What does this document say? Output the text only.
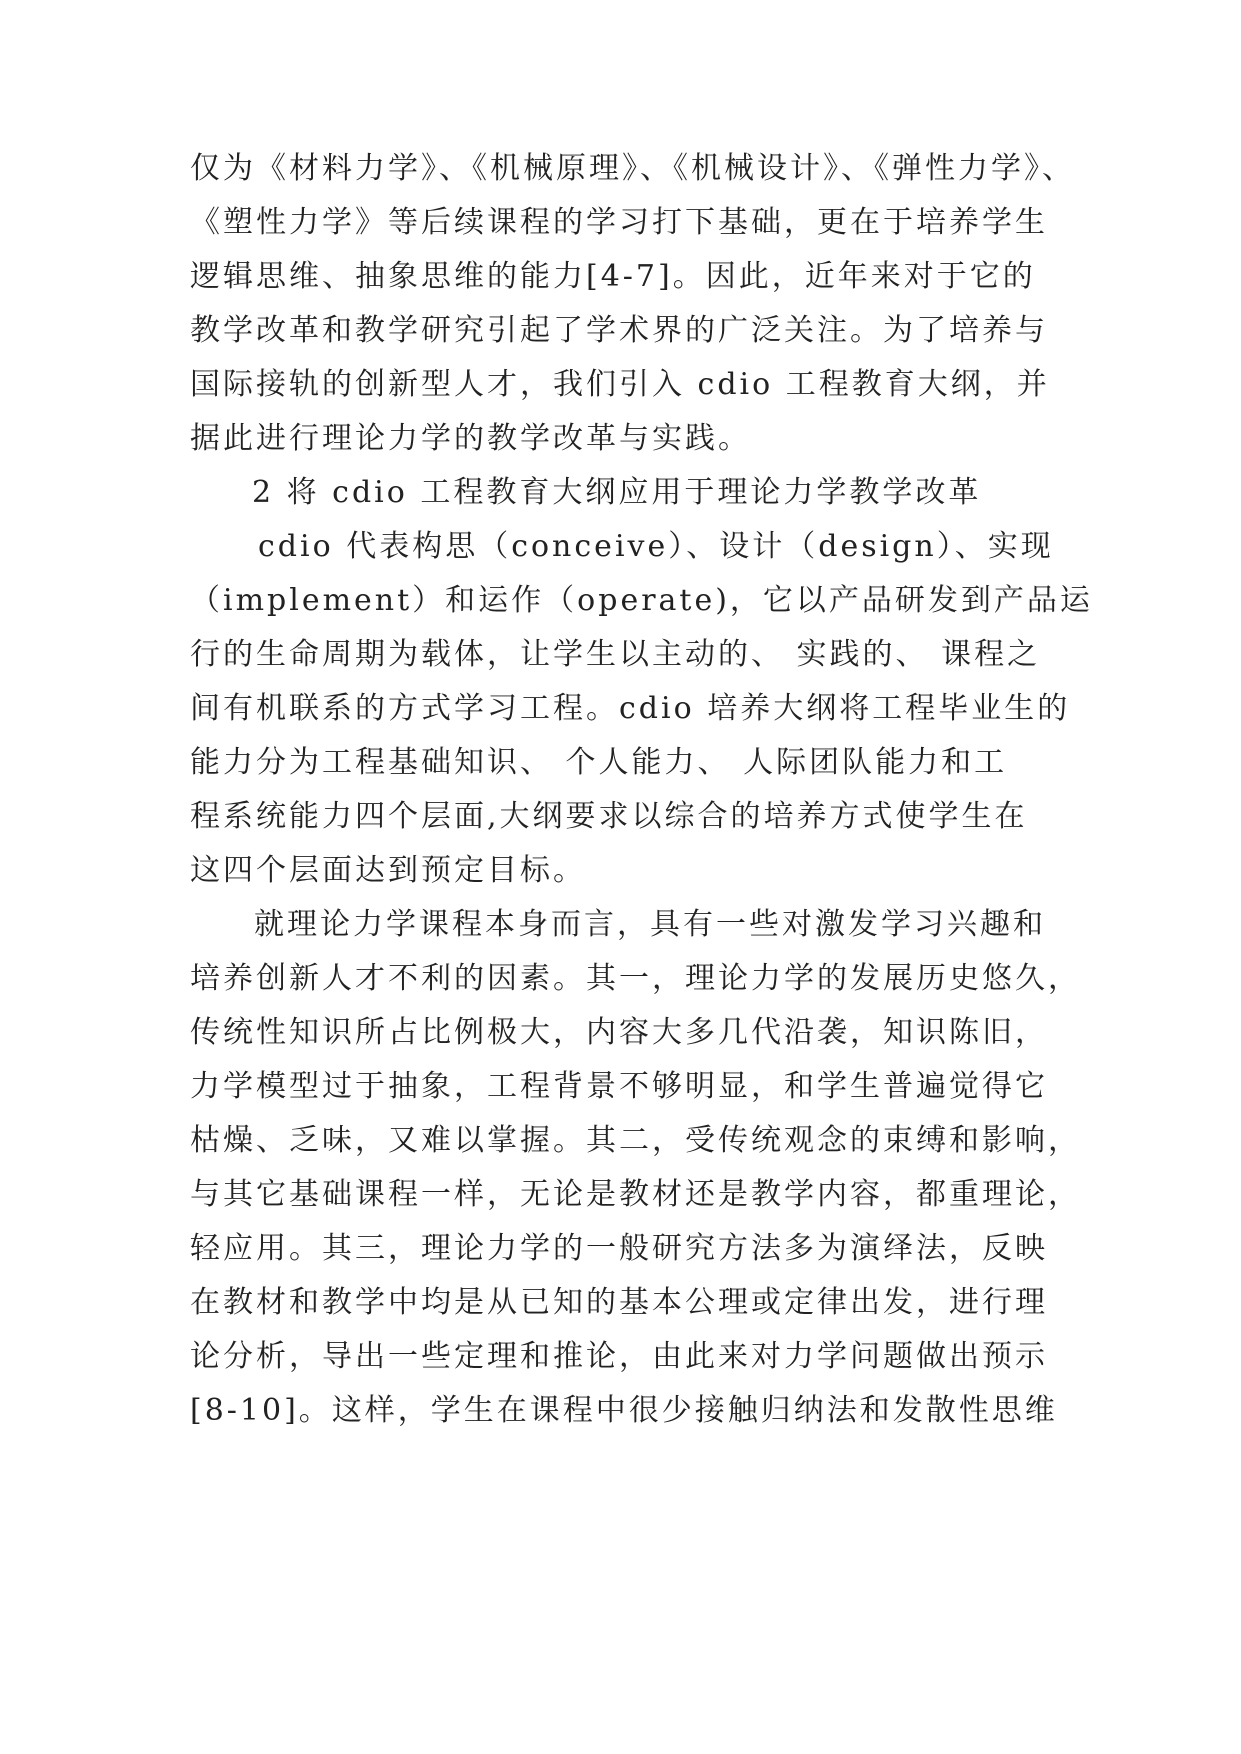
仅为《材料力学》、《机械原理》、《机械设计》、《弹性力学》、

《塑性力学》等后续课程的学习打下基础，更在于培养学生

逻辑思维、抽象思维的能力[4-7]。因此，近年来对于它的

教学改革和教学研究引起了学术界的广泛关注。为了培养与

国际接轨的创新型人才，我们引入 cdio 工程教育大纲，并

据此进行理论力学的教学改革与实践。

2 将 cdio 工程教育大纲应用于理论力学教学改革

cdio 代表构思（conceive）、设计（design）、实现

（implement）和运作（operate)，它以产品研发到产品运

行的生命周期为载体，让学生以主动的、 实践的、 课程之

间有机联系的方式学习工程。cdio 培养大纲将工程毕业生的

能力分为工程基础知识、 个人能力、 人际团队能力和工

程系统能力四个层面,大纲要求以综合的培养方式使学生在

这四个层面达到预定目标。

就理论力学课程本身而言，具有一些对激发学习兴趣和

培养创新人才不利的因素。其一，理论力学的发展历史悠久，

传统性知识所占比例极大，内容大多几代沿袭，知识陈旧，

力学模型过于抽象，工程背景不够明显，和学生普遍觉得它

枯燥、乏味，又难以掌握。其二，受传统观念的束缚和影响，

与其它基础课程一样，无论是教材还是教学内容，都重理论，

轻应用。其三，理论力学的一般研究方法多为演绎法，反映

在教材和教学中均是从已知的基本公理或定律出发，进行理

论分析，导出一些定理和推论，由此来对力学问题做出预示

[8-10]。这样，学生在课程中很少接触归纳法和发散性思维
